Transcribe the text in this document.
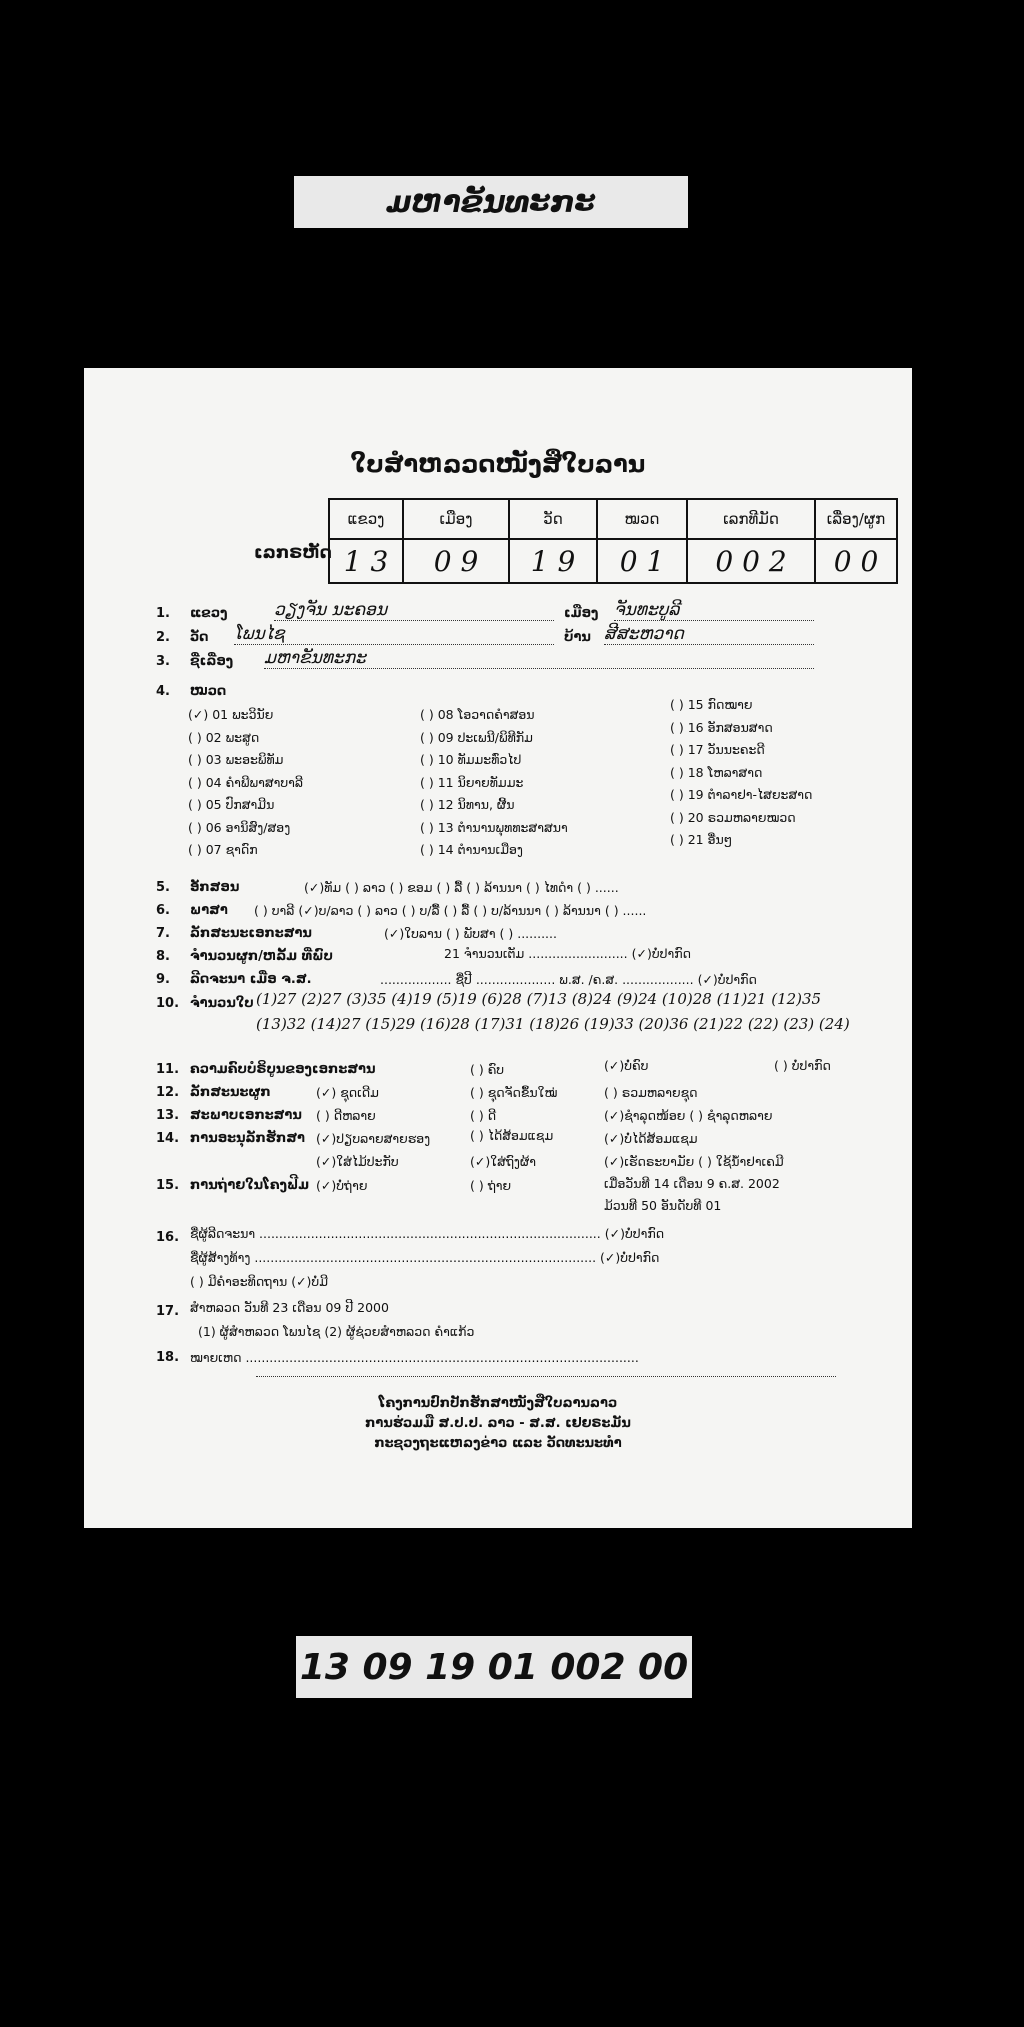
ມຫາຂັນທະກະ
ໃບສຳຫລວດໜັງສືໃບລານ
ເລກຣຫັດ
ແຂວງ	ເມືອງ	ວັດ	ໝວດ	ເລກທີມັດ	ເລື່ອງ/ຜູກ
1 3	0 9	1 9	0 1	0 0 2	0 0
1. ແຂວງ	ວຽງຈັນ ນະຄອນ	ເມືອງ ຈັນທະບູລີ
2. ວັດ ໂພນໄຊ	ບ້ານ ສີສະຫວາດ
3. ຊື່ເລື່ອງ ມຫາຂັນທະກະ
4. ໝວດ
(✓) 01 ພະວິນັຍ
( ) 02 ພະສູດ
( ) 03 ພະອະພິທັມ
( ) 04 ຄຳພີພາສາບາລີ
( ) 05 ປົກສາມີນ
( ) 06 ອານິສົງ/ສອງ
( ) 07 ຊາດົກ
( ) 08 ໂອວາດຄຳສອນ
( ) 09 ປະເພນີ/ພິທີກັມ
( ) 10 ທັມມະທົ່ວໄປ
( ) 11 ນິຍາຍທັມມະ
( ) 12 ນິທານ, ຜີ້ນ
( ) 13 ຕຳນານພຸທທະສາສນາ
( ) 14 ຕຳນານເມືອງ
( ) 15 ກົດໝາຍ
( ) 16 ອັກສອນສາດ
( ) 17 ວັນນະຄະດີ
( ) 18 ໂຫລາສາດ
( ) 19 ຕຳລາຢາ-ໄສຍະສາດ
( ) 20 ຣວມຫລາຍໝວດ
( ) 21 ອື່ນໆ
5. ອັກສອນ	(✓)ທັມ ( ) ລາວ ( ) ຂອມ ( ) ລື້ ( ) ລ້ານນາ ( ) ໄທດຳ ( ) ......
6. ພາສາ ( ) ບາລີ (✓)ບ/ລາວ ( ) ລາວ ( ) ບ/ລື້ ( ) ລື້ ( ) ບ/ລ້ານນາ ( ) ລ້ານນາ ( ) ......
7. ລັກສະນະເອກະສານ	(✓)ໃບລານ ( ) ພັບສາ ( ) ..........
8. ຈຳນວນຜູກ/ຫລັ້ມ ທີ່ພົບ	21 ຈຳນວນເຕັມ ......................... (✓)ບໍ່ປາກົດ
9. ລີດຈະນາ ເມື່ອ ຈ.ສ.	.................. ຊື່ປີ .................... ພ.ສ. /ຄ.ສ. .................. (✓)ບໍ່ປາກົດ
10. ຈຳນວນໃບ (1)27 (2)27 (3)35 (4)19 (5)19 (6)28 (7)13 (8)24 (9)24 (10)28 (11)21 (12)35
(13)32 (14)27 (15)29 (16)28 (17)31 (18)26 (19)33 (20)36 (21)22 (22) (23) (24)
11. ຄວາມຄົບບໍຣິບູນຂອງເອກະສານ	( ) ຄົບ	(✓)ບໍ່ຄົບ	( ) ບໍ່ປາກົດ
12. ລັກສະນະຜູກ	(✓) ຊຸດເດີມ	( ) ຊຸດຈັດຂຶ້ນໃໝ່	( ) ຣວມຫລາຍຊຸດ
13. ສະພາບເອກະສານ ( ) ດີຫລາຍ	( ) ດີ	(✓)ຊຳລຸດໜ້ອຍ ( ) ຊຳລຸດຫລາຍ
14. ການອະນຸລັກຮັກສາ (✓)ປຽບລາຍສາຍຮອງ	( ) ໄດ້ສ້ອມແຊມ	(✓)ບໍ່ໄດ້ສ້ອມແຊມ
(✓)ໃສ່ໄມ້ປະກັບ	(✓)ໃສ່ຖົງຜ້າ	(✓)ເຮັດຣະບາມັຍ ( ) ໃຊ້ນ້ຳຢາເຄມີ
15. ການຖ່າຍໃນໂຄງຟີມ (✓)ບໍ່ຖ່າຍ	( ) ຖ່າຍ	ເມື່ອວັນທີ 14 ເດືອນ 9 ຄ.ສ. 2002
ມ້ວນທີ 50 ອັນດັບທີ 01
16. ຊື່ຜູ້ລີດຈະນາ ...................................................................................... (✓)ບໍ່ປາກົດ
ຊື່ຜູ້ສ້າງທ້າງ ...................................................................................... (✓)ບໍ່ປາກົດ
( ) ມີຄຳອະທິດຖານ (✓)ບໍ່ມີ
17. ສຳຫລວດ ວັນທີ 23 ເດືອນ 09 ປີ 2000
(1) ຜູ້ສຳຫລວດ ໂພນໄຊ (2) ຜູ້ຊ່ວຍສຳຫລວດ ຄຳແກ້ວ
18. ໝາຍເຫດ ...................................................................................................
ໂຄງການປົກປັກຮັກສາໜັງສືໃບລານລາວ
ການຮ່ວມມື ສ.ປ.ປ. ລາວ - ສ.ສ. ເຢຍຣະມັນ
ກະຊວງຖະແຫລງຂ່າວ ແລະ ວັດທະນະທຳ
13 09 19 01 002 00
